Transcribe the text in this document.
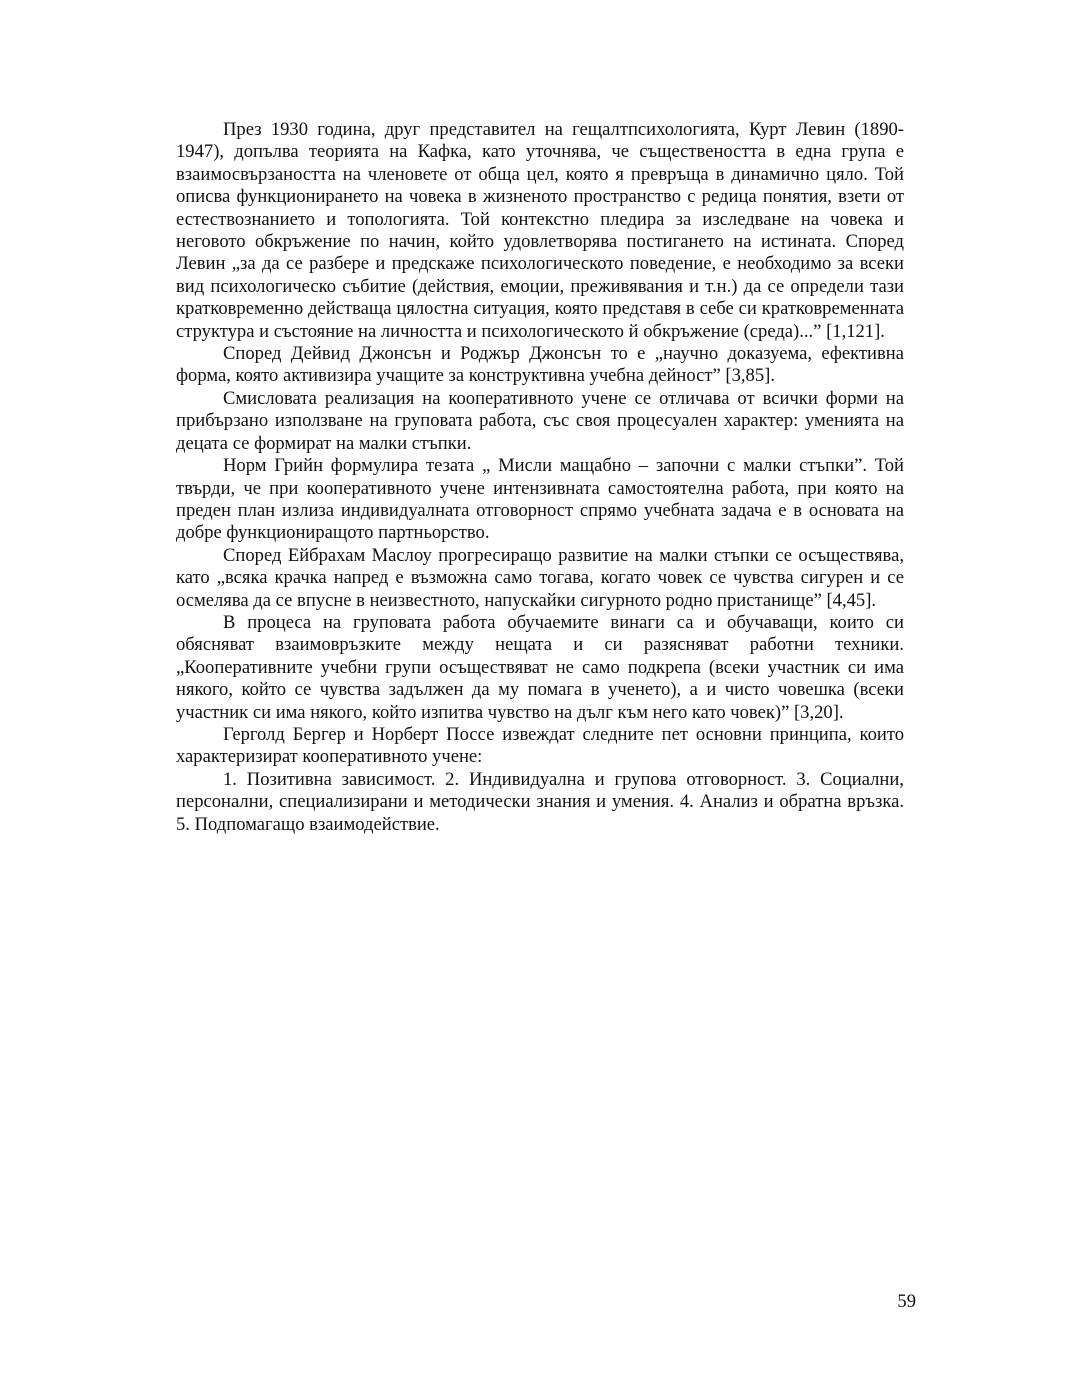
През 1930 година, друг представител на гещалтпсихологията, Курт Левин (1890-1947), допълва теорията на Кафка, като уточнява, че съществеността в една група е взаимосвързаността на членовете от обща цел, която я превръща в динамично цяло. Той описва функционирането на човека в жизненото пространство с редица понятия, взети от естествознанието и топологията. Той контекстно пледира за изследване на човека и неговото обкръжение по начин, който удовлетворява постигането на истината. Според Левин „за да се разбере и предскаже психологическото поведение, е необходимо за всеки вид психологическо събитие (действия, емоции, преживявания и т.н.) да се определи тази кратковременно действаща цялостна ситуация, която представя в себе си кратковременната структура и състояние на личността и психологическото й обкръжение (среда)...” [1,121].

Според Дейвид Джонсън и Роджър Джонсън то е „научно доказуема, ефективна форма, която активизира учащите за конструктивна учебна дейност” [3,85].

Смисловата реализация на кооперативното учене се отличава от всички форми на прибързано използване на груповата работа, със своя процесуален характер: уменията на децата се формират на малки стъпки.

Норм Грийн формулира тезата „ Мисли мащабно – започни с малки стъпки”. Той твърди, че при кооперативното учене интензивната самостоятелна работа, при която на преден план излиза индивидуалната отговорност спрямо учебната задача е в основата на добре функциониращото партньорство.

Според Ейбрахам Маслоу прогресиращо развитие на малки стъпки се осъществява, като „всяка крачка напред е възможна само тогава, когато човек се чувства сигурен и се осмелява да се впусне в неизвестното, напускайки сигурното родно пристанище” [4,45].

В процеса на груповата работа обучаемите винаги са и обучаващи, които си обясняват взаимовръзките между нещата и си разясняват работни техники. „Кооперативните учебни групи осъществяват не само подкрепа (всеки участник си има някого, който се чувства задължен да му помага в ученето), а и чисто човешка (всеки участник си има някого, който изпитва чувство на дълг към него като човек)” [3,20].

Герголд Бергер и Норберт Поссе извеждат следните пет основни принципа, които характеризират кооперативното учене:

1. Позитивна зависимост. 2. Индивидуална и групова отговорност. 3. Социални, персонални, специализирани и методически знания и умения. 4. Анализ и обратна връзка. 5. Подпомагащо взаимодействие.

59
